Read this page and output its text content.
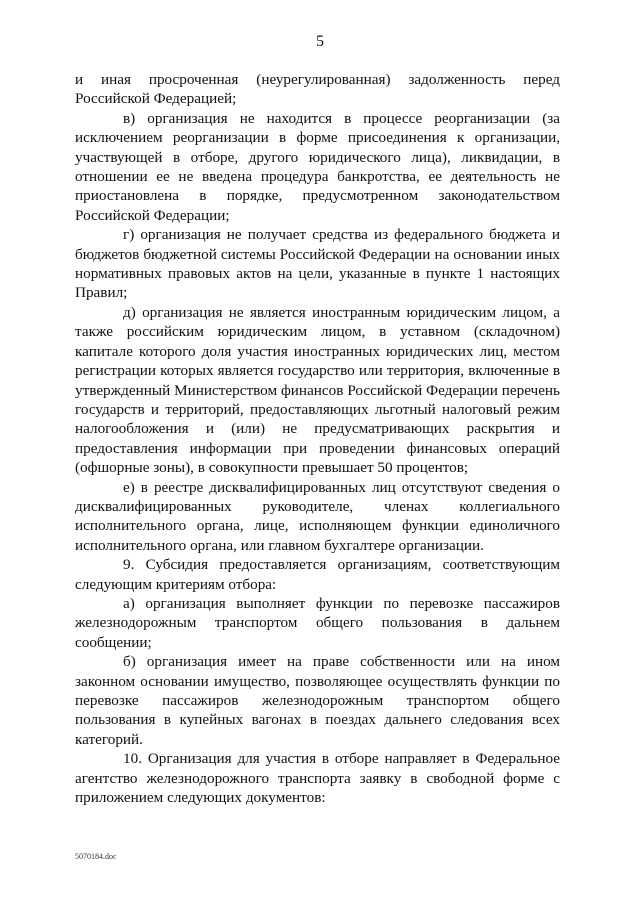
5

и иная просроченная (неурегулированная) задолженность перед Российской Федерацией;

в) организация не находится в процессе реорганизации (за исключением реорганизации в форме присоединения к организации, участвующей в отборе, другого юридического лица), ликвидации, в отношении ее не введена процедура банкротства, ее деятельность не приостановлена в порядке, предусмотренном законодательством Российской Федерации;

г) организация не получает средства из федерального бюджета и бюджетов бюджетной системы Российской Федерации на основании иных нормативных правовых актов на цели, указанные в пункте 1 настоящих Правил;

д) организация не является иностранным юридическим лицом, а также российским юридическим лицом, в уставном (складочном) капитале которого доля участия иностранных юридических лиц, местом регистрации которых является государство или территория, включенные в утвержденный Министерством финансов Российской Федерации перечень государств и территорий, предоставляющих льготный налоговый режим налогообложения и (или) не предусматривающих раскрытия и предоставления информации при проведении финансовых операций (офшорные зоны), в совокупности превышает 50 процентов;

е) в реестре дисквалифицированных лиц отсутствуют сведения о дисквалифицированных руководителе, членах коллегиального исполнительного органа, лице, исполняющем функции единоличного исполнительного органа, или главном бухгалтере организации.

9. Субсидия предоставляется организациям, соответствующим следующим критериям отбора:

а) организация выполняет функции по перевозке пассажиров железнодорожным транспортом общего пользования в дальнем сообщении;

б) организация имеет на праве собственности или на ином законном основании имущество, позволяющее осуществлять функции по перевозке пассажиров железнодорожным транспортом общего пользования в купейных вагонах в поездах дальнего следования всех категорий.

10. Организация для участия в отборе направляет в Федеральное агентство железнодорожного транспорта заявку в свободной форме с приложением следующих документов:

5070184.doc
